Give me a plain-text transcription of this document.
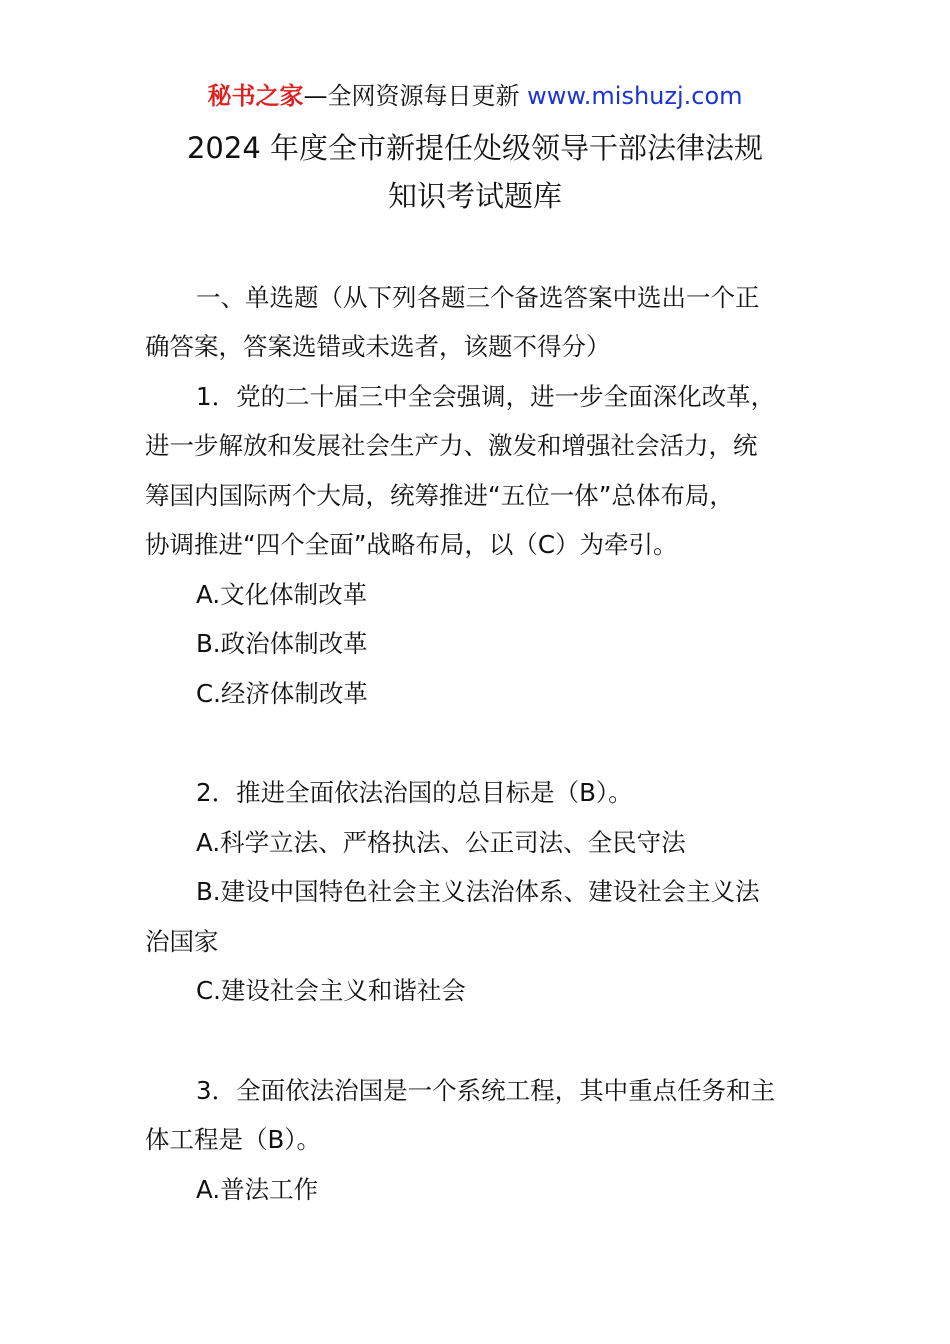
秘书之家—全网资源每日更新 www.mishuzj.com
2024 年度全市新提任处级领导干部法律法规
知识考试题库
一、单选题（从下列各题三个备选答案中选出一个正
确答案，答案选错或未选者，该题不得分）
1．党的二十届三中全会强调，进一步全面深化改革，
进一步解放和发展社会生产力、激发和增强社会活力，统
筹国内国际两个大局，统筹推进“五位一体”总体布局，
协调推进“四个全面”战略布局，以（C）为牵引。
A.文化体制改革
B.政治体制改革
C.经济体制改革
2．推进全面依法治国的总目标是（B）。
A.科学立法、严格执法、公正司法、全民守法
B.建设中国特色社会主义法治体系、建设社会主义法
治国家
C.建设社会主义和谐社会
3．全面依法治国是一个系统工程，其中重点任务和主
体工程是（B）。
A.普法工作
